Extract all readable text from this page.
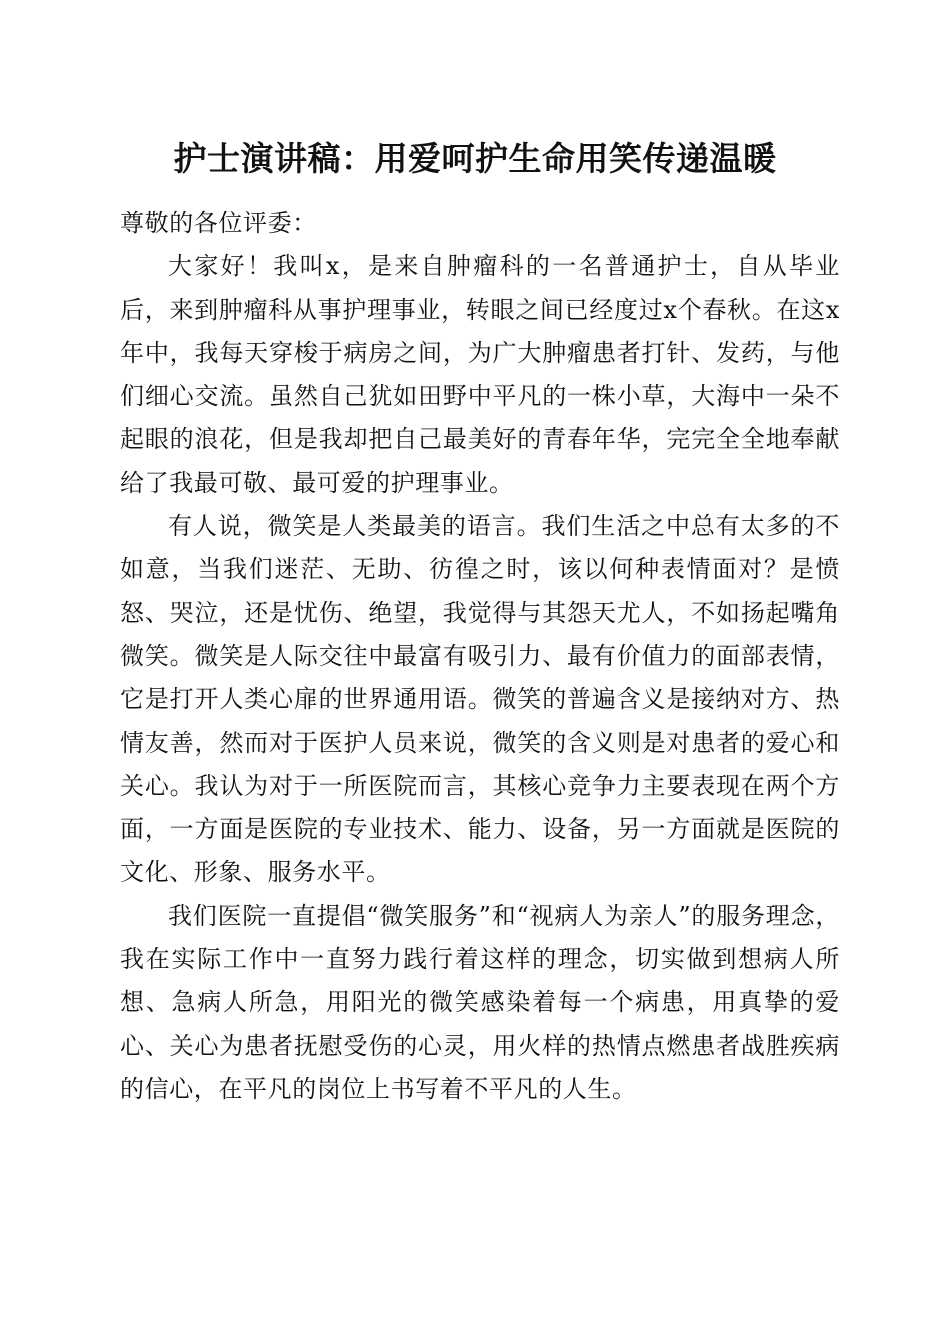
护士演讲稿：用爱呵护生命用笑传递温暖

尊敬的各位评委：

大家好！我叫x，是来自肿瘤科的一名普通护士，自从毕业后，来到肿瘤科从事护理事业，转眼之间已经度过x个春秋。在这x年中，我每天穿梭于病房之间，为广大肿瘤患者打针、发药，与他们细心交流。虽然自己犹如田野中平凡的一株小草，大海中一朵不起眼的浪花，但是我却把自己最美好的青春年华，完完全全地奉献给了我最可敬、最可爱的护理事业。

有人说，微笑是人类最美的语言。我们生活之中总有太多的不如意，当我们迷茫、无助、彷徨之时，该以何种表情面对？是愤怒、哭泣，还是忧伤、绝望，我觉得与其怨天尤人，不如扬起嘴角微笑。微笑是人际交往中最富有吸引力、最有价值力的面部表情，它是打开人类心扉的世界通用语。微笑的普遍含义是接纳对方、热情友善，然而对于医护人员来说，微笑的含义则是对患者的爱心和关心。我认为对于一所医院而言，其核心竞争力主要表现在两个方面，一方面是医院的专业技术、能力、设备，另一方面就是医院的文化、形象、服务水平。

我们医院一直提倡“微笑服务”和“视病人为亲人”的服务理念，我在实际工作中一直努力践行着这样的理念，切实做到想病人所想、急病人所急，用阳光的微笑感染着每一个病患，用真挚的爱心、关心为患者抚慰受伤的心灵，用火样的热情点燃患者战胜疾病的信心，在平凡的岗位上书写着不平凡的人生。
